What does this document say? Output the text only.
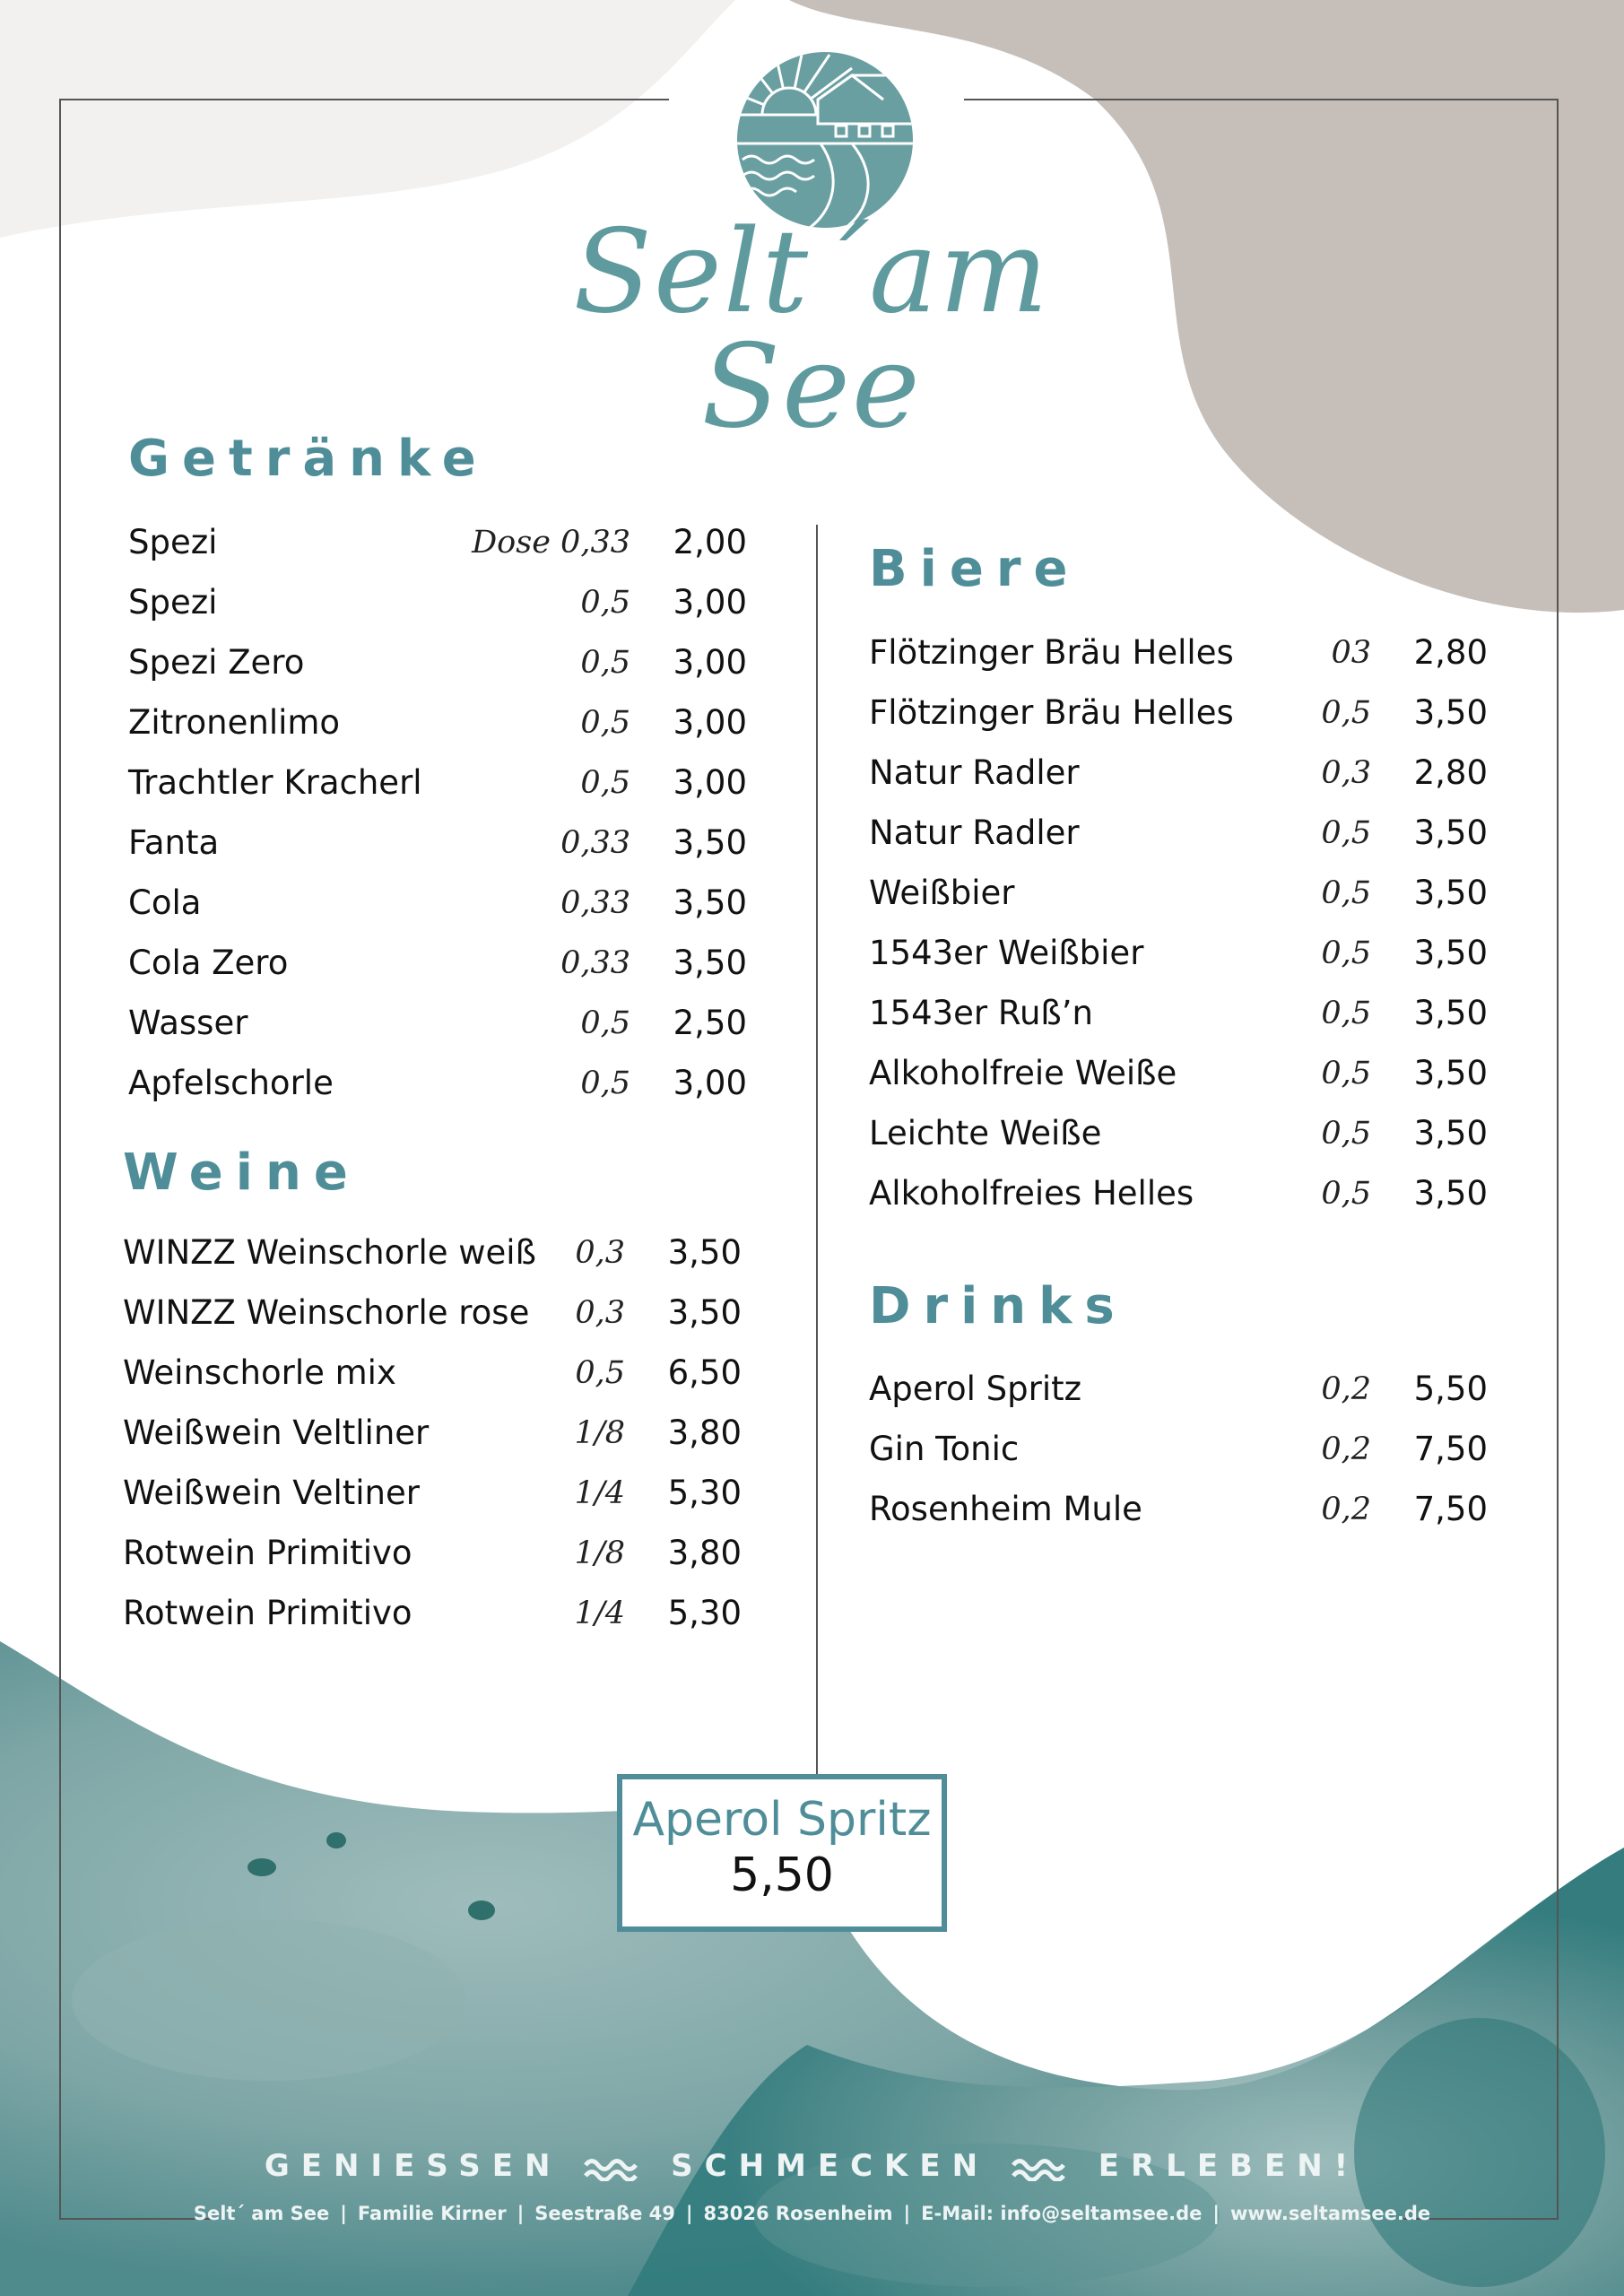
Selt´am See
Getränke
Spezi	Dose 0,33	2,00
Spezi	0,5	3,00
Spezi Zero	0,5	3,00
Zitronenlimo	0,5	3,00
Trachtler Kracherl	0,5	3,00
Fanta	0,33	3,50
Cola	0,33	3,50
Cola Zero	0,33	3,50
Wasser	0,5	2,50
Apfelschorle	0,5	3,00
Weine
WINZZ Weinschorle weiß	0,3	3,50
WINZZ Weinschorle rose	0,3	3,50
Weinschorle mix	0,5	6,50
Weißwein Veltliner	1/8	3,80
Weißwein Veltiner	1/4	5,30
Rotwein Primitivo	1/8	3,80
Rotwein Primitivo	1/4	5,30
Biere
Flötzinger Bräu Helles	03	2,80
Flötzinger Bräu Helles	0,5	3,50
Natur Radler	0,3	2,80
Natur Radler	0,5	3,50
Weißbier	0,5	3,50
1543er Weißbier	0,5	3,50
1543er Ruß’n	0,5	3,50
Alkoholfreie Weiße	0,5	3,50
Leichte Weiße	0,5	3,50
Alkoholfreies Helles	0,5	3,50
Drinks
Aperol Spritz	0,2	5,50
Gin Tonic	0,2	7,50
Rosenheim Mule	0,2	7,50
Aperol Spritz
5,50
GENIESSEN	SCHMECKEN	ERLEBEN!
Selt´ am See | Familie Kirner | Seestraße 49 | 83026 Rosenheim | E-Mail: info@seltamsee.de | www.seltamsee.de
